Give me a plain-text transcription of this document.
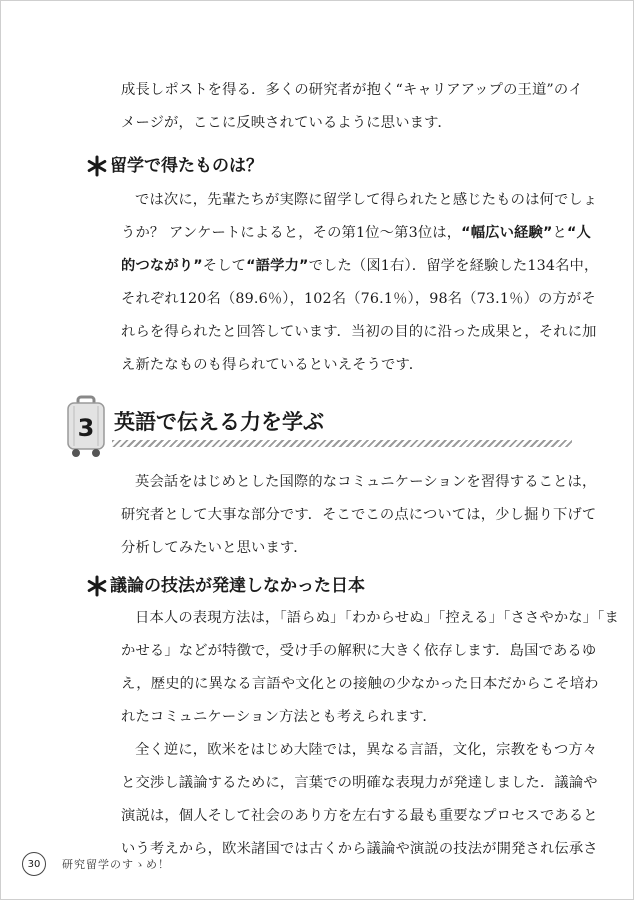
成長しポストを得る．多くの研究者が抱く“キャリアアップの王道”のイ
メージが，ここに反映されているように思います．
留学で得たものは？
では次に，先輩たちが実際に留学して得られたと感じたものは何でしょ
うか？ アンケートによると，その第1位〜第3位は，“幅広い経験”と“人
的つながり”そして“語学力”でした（図1右）．留学を経験した134名中，
それぞれ120名（89.6％），102名（76.1％），98名（73.1％）の方がそ
れらを得られたと回答しています．当初の目的に沿った成果と，それに加
え新たなものも得られているといえそうです．
3 英語で伝える力を学ぶ
英会話をはじめとした国際的なコミュニケーションを習得することは，
研究者として大事な部分です．そこでこの点については，少し掘り下げて
分析してみたいと思います．
議論の技法が発達しなかった日本
日本人の表現方法は，「語らぬ」「わからせぬ」「控える」「ささやかな」「ま
かせる」などが特徴で，受け手の解釈に大きく依存します．島国であるゆ
え，歴史的に異なる言語や文化との接触の少なかった日本だからこそ培わ
れたコミュニケーション方法とも考えられます．
全く逆に，欧米をはじめ大陸では，異なる言語，文化，宗教をもつ方々
と交渉し議論するために，言葉での明確な表現力が発達しました．議論や
演説は，個人そして社会のあり方を左右する最も重要なプロセスであると
いう考えから，欧米諸国では古くから議論や演説の技法が開発され伝承さ
30	研究留学のすゝめ！
